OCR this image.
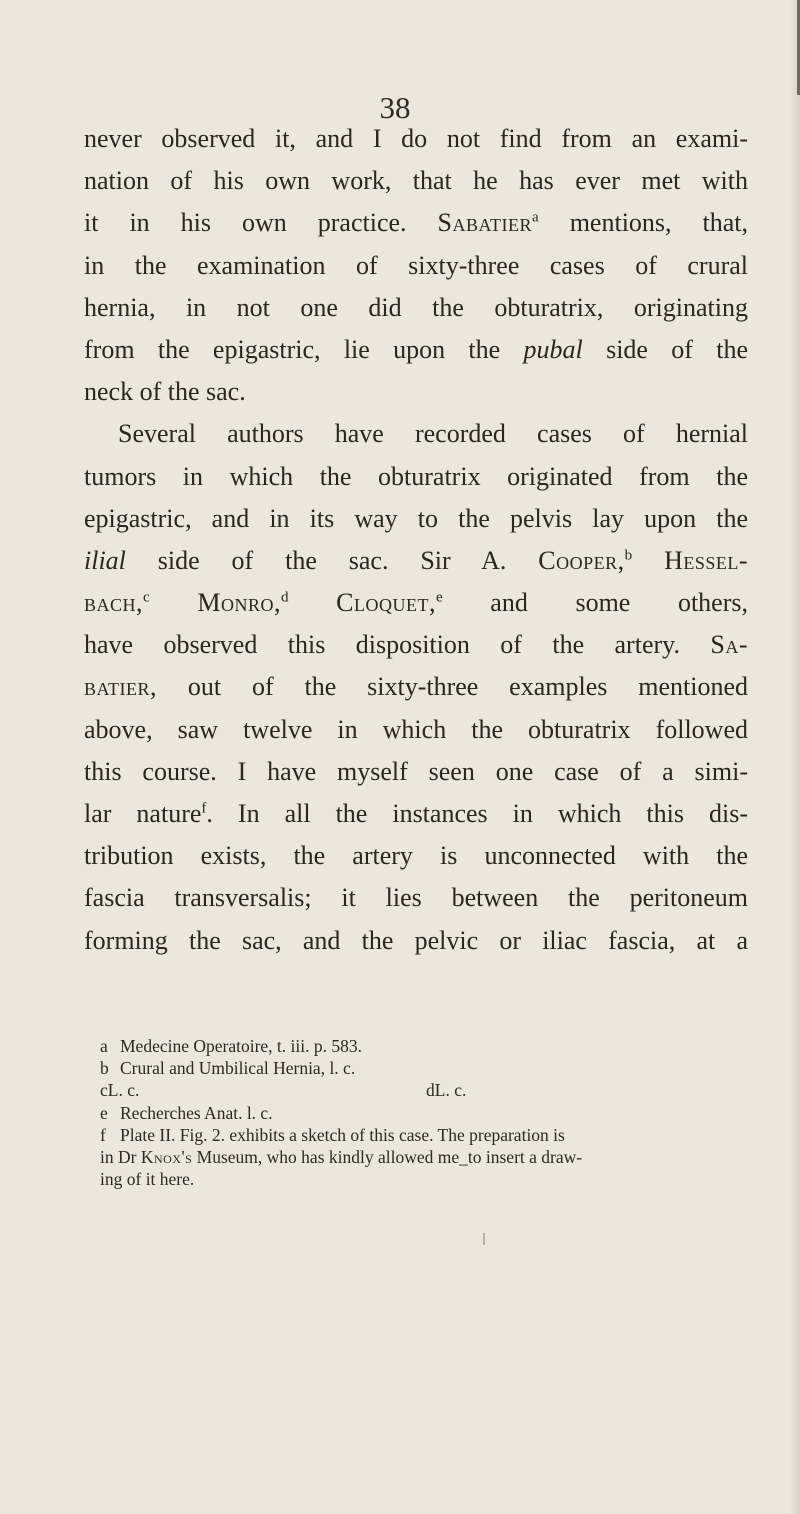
38
never observed it, and I do not find from an exami-
nation of his own work, that he has ever met with
it in his own practice. Sabatier$^a$ mentions, that,
in the examination of sixty-three cases of crural
hernia, in not one did the obturatrix, originating
from the epigastric, lie upon the pubal side of the
neck of the sac.
Several authors have recorded cases of hernial
tumors in which the obturatrix originated from the
epigastric, and in its way to the pelvis lay upon the
ilial side of the sac. Sir A. Cooper,$^b$ Hessel-
bach,$^c$ Monro,$^d$ Cloquet,$^e$ and some others,
have observed this disposition of the artery. Sa-
batier, out of the sixty-three examples mentioned
above, saw twelve in which the obturatrix followed
this course. I have myself seen one case of a simi-
lar nature$^f$. In all the instances in which this dis-
tribution exists, the artery is unconnected with the
fascia transversalis; it lies between the peritoneum
forming the sac, and the pelvic or iliac fascia, at a
a Medecine Operatoire, t. iii. p. 583.
b Crural and Umbilical Hernia, l. c.
cL. c.	dL. c.
e Recherches Anat. l. c.
f Plate II. Fig. 2. exhibits a sketch of this case. The preparation is
in Dr Knox's Museum, who has kindly allowed me_to insert a draw-
ing of it here.
